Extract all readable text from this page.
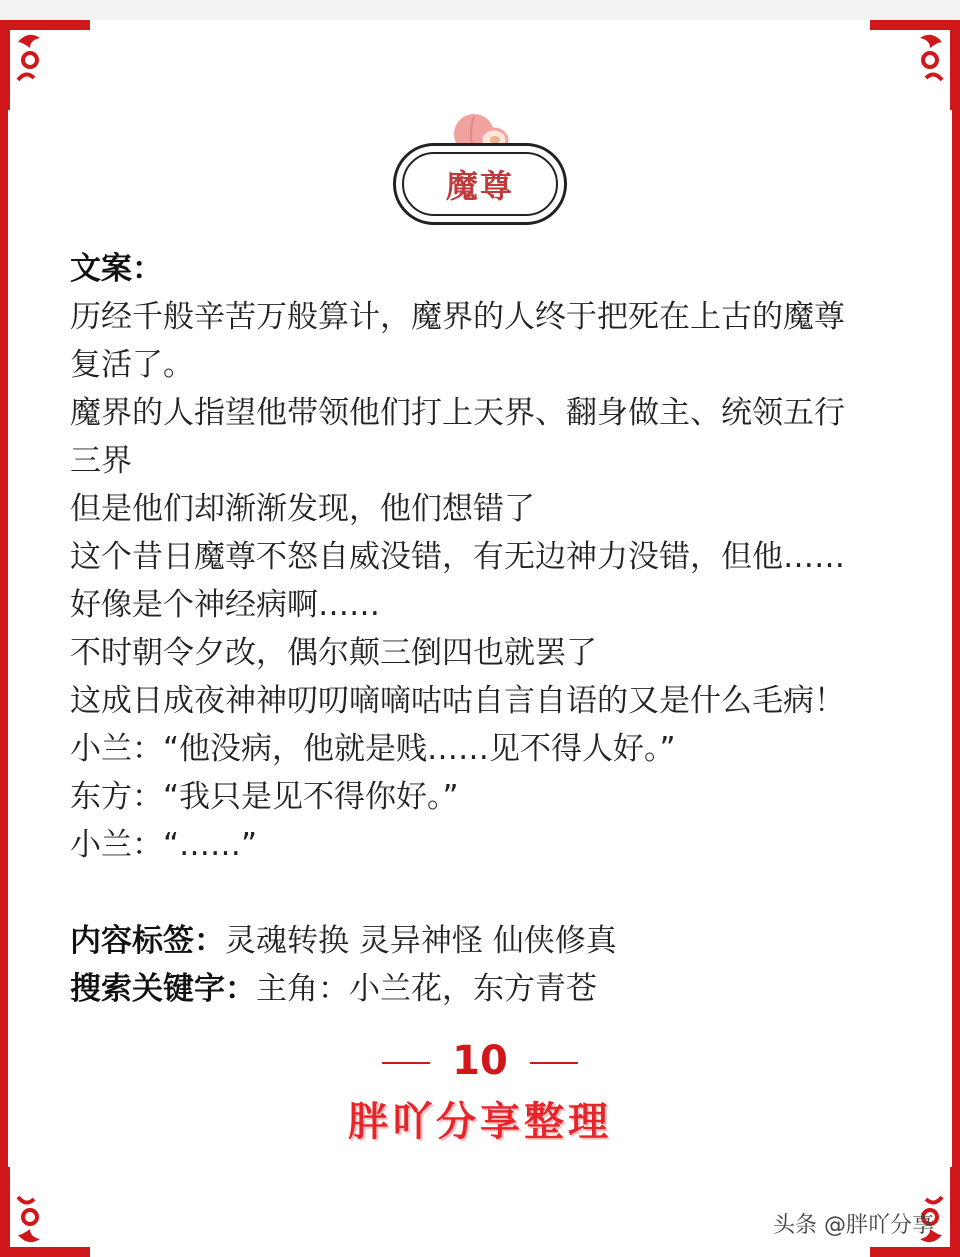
魔尊
文案：
历经千般辛苦万般算计，魔界的人终于把死在上古的魔尊
复活了。
魔界的人指望他带领他们打上天界、翻身做主、统领五行
三界
但是他们却渐渐发现，他们想错了
这个昔日魔尊不怒自威没错，有无边神力没错，但他……
好像是个神经病啊……
不时朝令夕改，偶尔颠三倒四也就罢了
这成日成夜神神叨叨嘀嘀咕咕自言自语的又是什么毛病！
小兰：“他没病，他就是贱……见不得人好。”
东方：“我只是见不得你好。”
小兰：“……”
内容标签：灵魂转换 灵异神怪 仙侠修真
搜索关键字：主角：小兰花，东方青苍
10
胖吖分享整理
头条 @胖吖分享
